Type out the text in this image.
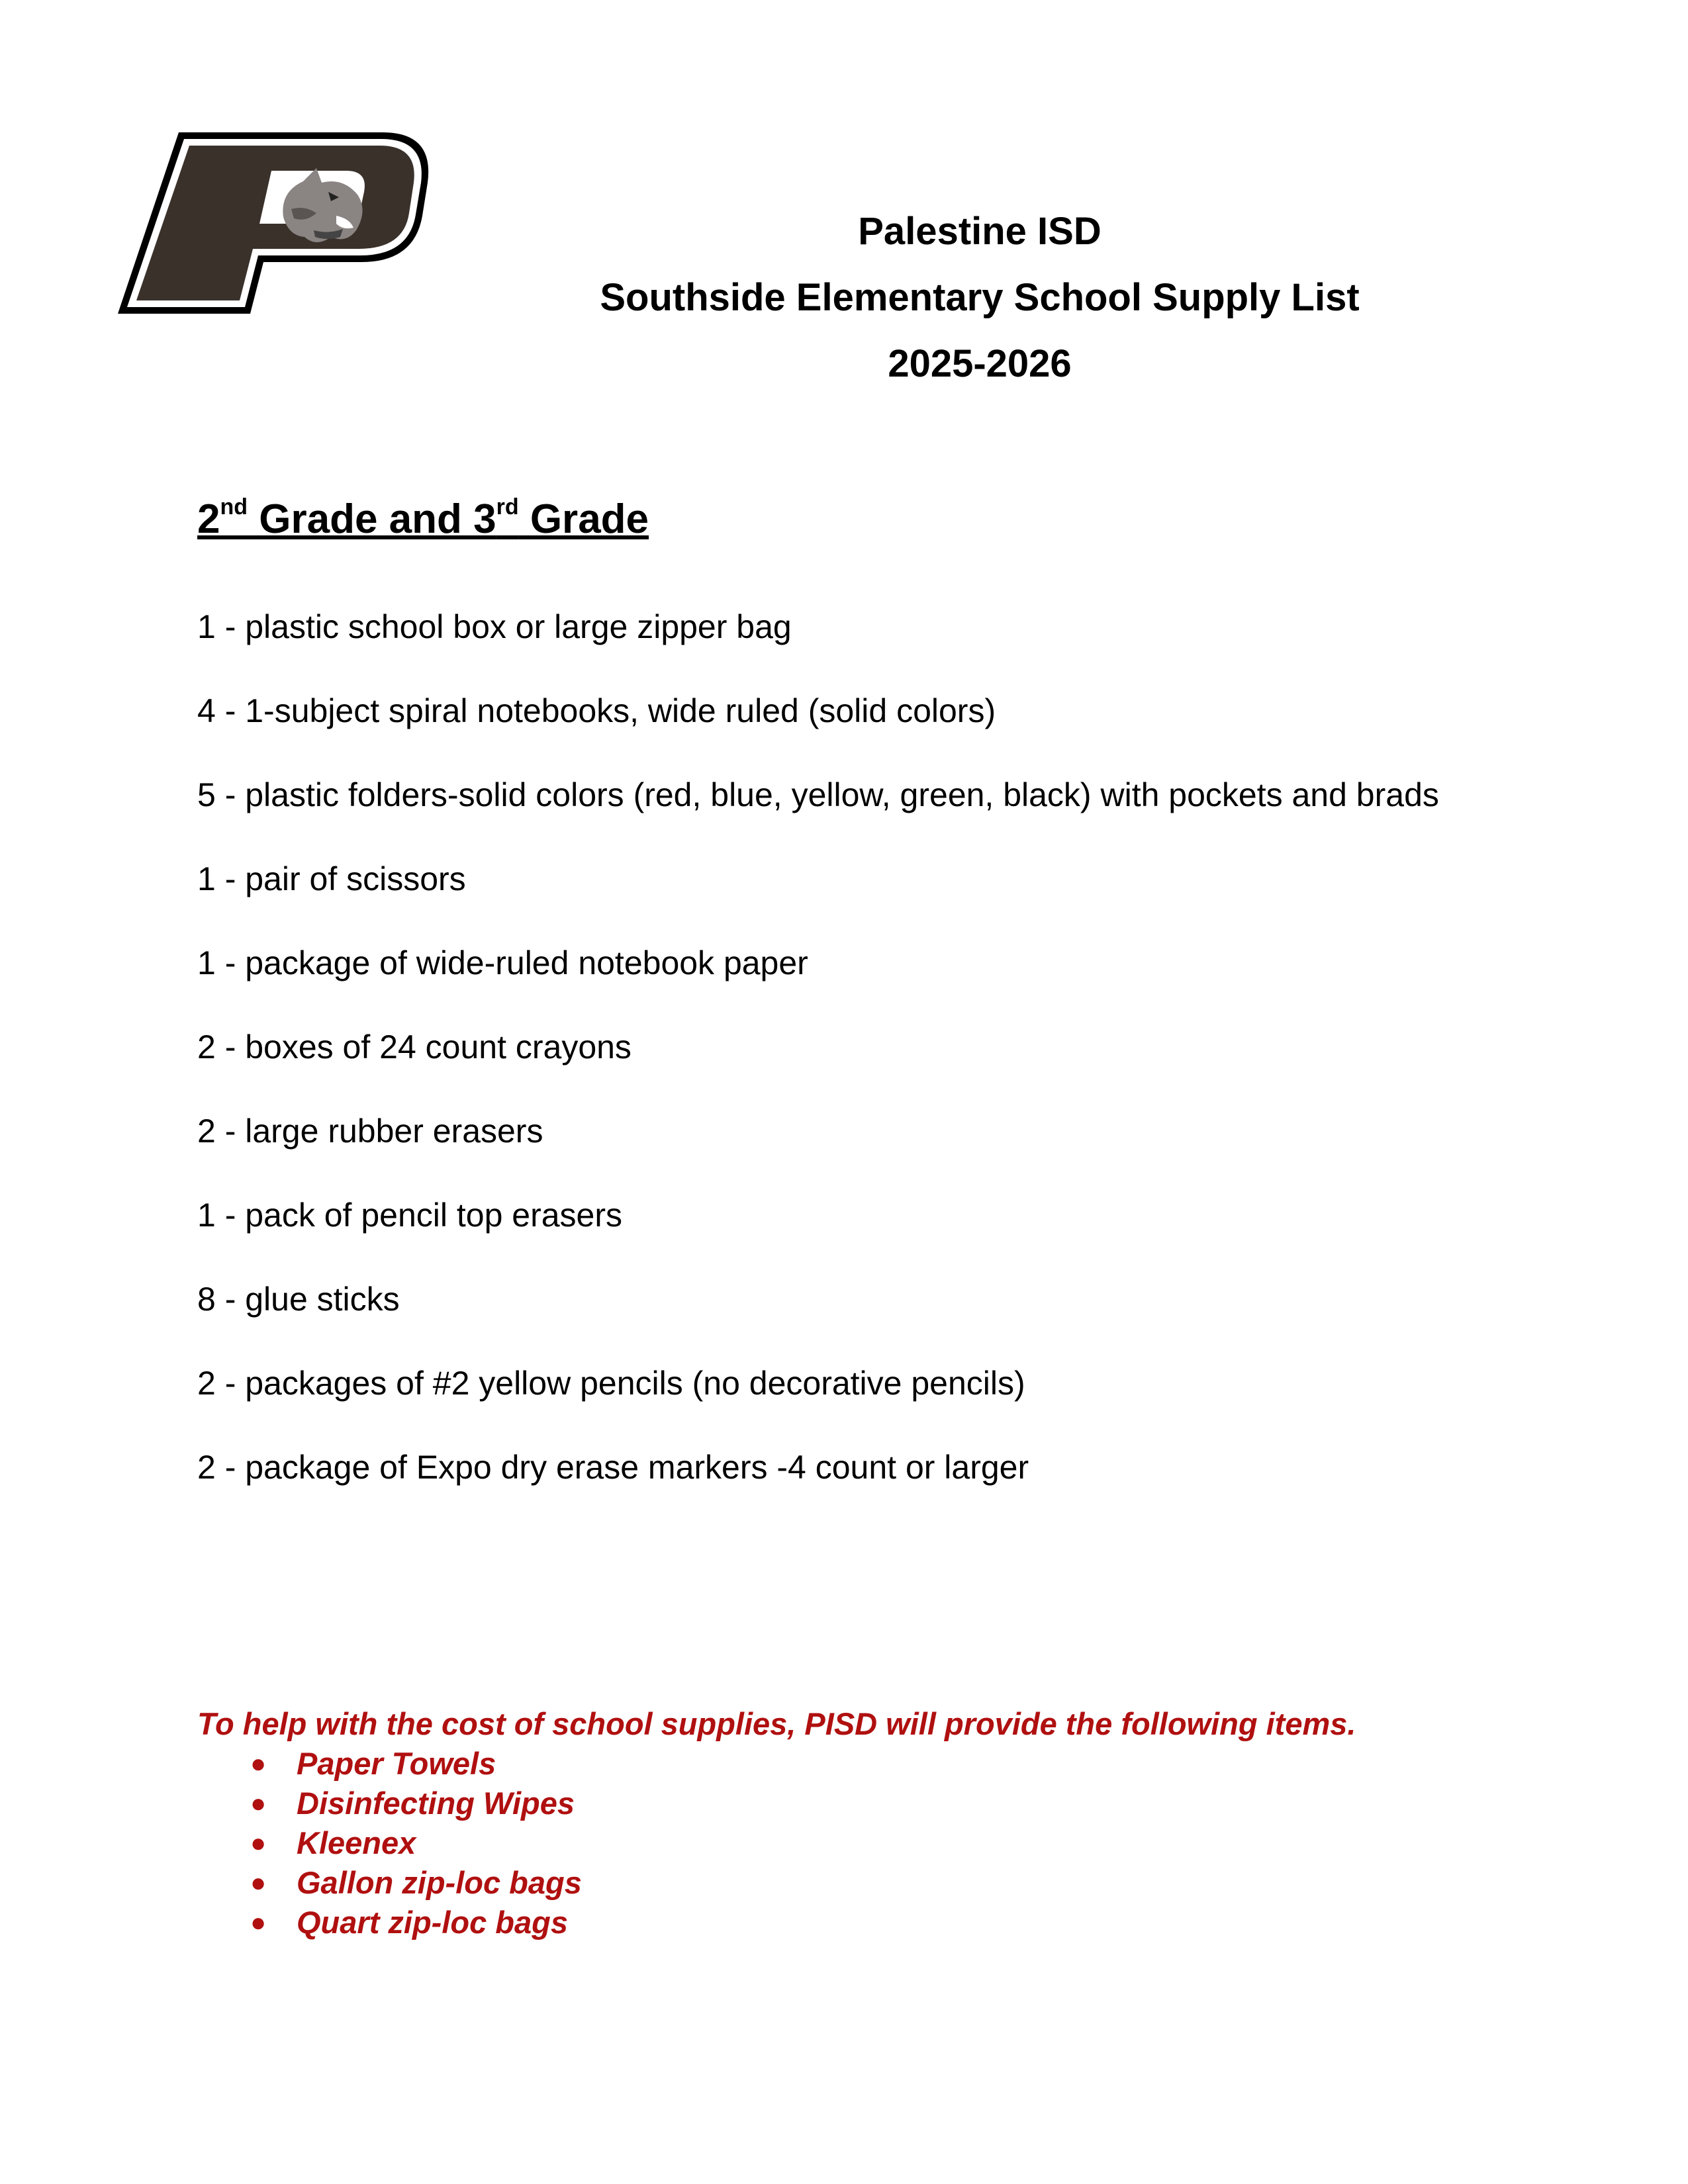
Palestine ISD
Southside Elementary School Supply List
2025-2026
2nd Grade and 3rd Grade
1 - plastic school box or large zipper bag
4 - 1-subject spiral notebooks, wide ruled (solid colors)
5 - plastic folders-solid colors (red, blue, yellow, green, black) with pockets and brads
1 - pair of scissors
1 - package of wide-ruled notebook paper
2 - boxes of 24 count crayons
2 - large rubber erasers
1 - pack of pencil top erasers
8 - glue sticks
2 - packages of #2 yellow pencils (no decorative pencils)
2 - package of Expo dry erase markers -4 count or larger
To help with the cost of school supplies, PISD will provide the following items.
● Paper Towels
● Disinfecting Wipes
● Kleenex
● Gallon zip-loc bags
● Quart zip-loc bags
